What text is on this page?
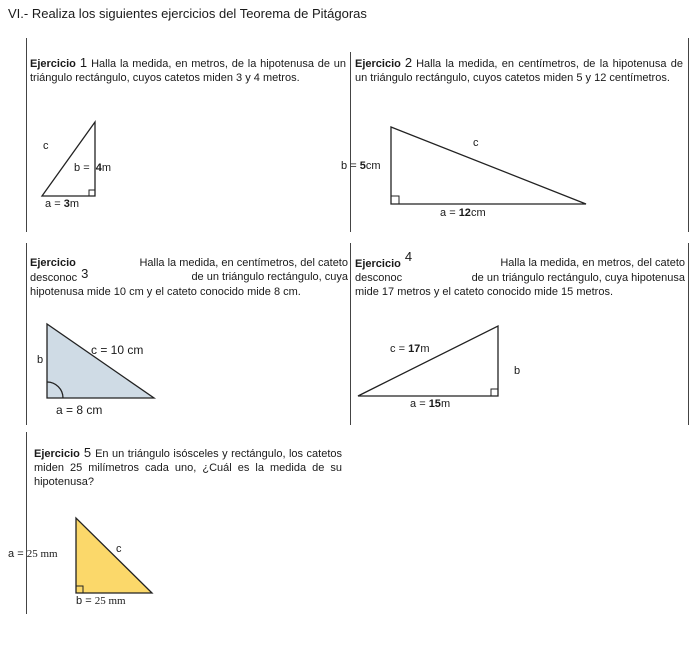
VI.- Realiza los siguientes ejercicios del Teorema de Pitágoras
Ejercicio 1 Halla la medida, en metros, de la hipotenusa de un triángulo rectángulo, cuyos catetos miden 3 y 4 metros.
c
b = 4m
a = 3m
Ejercicio 2 Halla la medida, en centímetros, de la hipotenusa de un triángulo rectángulo, cuyos catetos miden 5 y 12 centímetros.
c
b = 5cm
a = 12cm
Ejercicio	Halla la medida, en centímetros, del cateto
desconoc 3	de un triángulo rectángulo, cuya
hipotenusa mide 10 cm y el cateto conocido mide 8 cm.
b
c = 10 cm
a = 8 cm
Ejercicio 4	Halla la medida, en metros, del cateto
desconoc	de un triángulo rectángulo, cuya hipotenusa
mide 17 metros y el cateto conocido mide 15 metros.
c = 17m
b
a = 15m
Ejercicio 5 En un triángulo isósceles y rectángulo, los catetos miden 25 milímetros cada uno, ¿Cuál es la medida de su hipotenusa?
a = 25 mm	c
b = 25 mm
